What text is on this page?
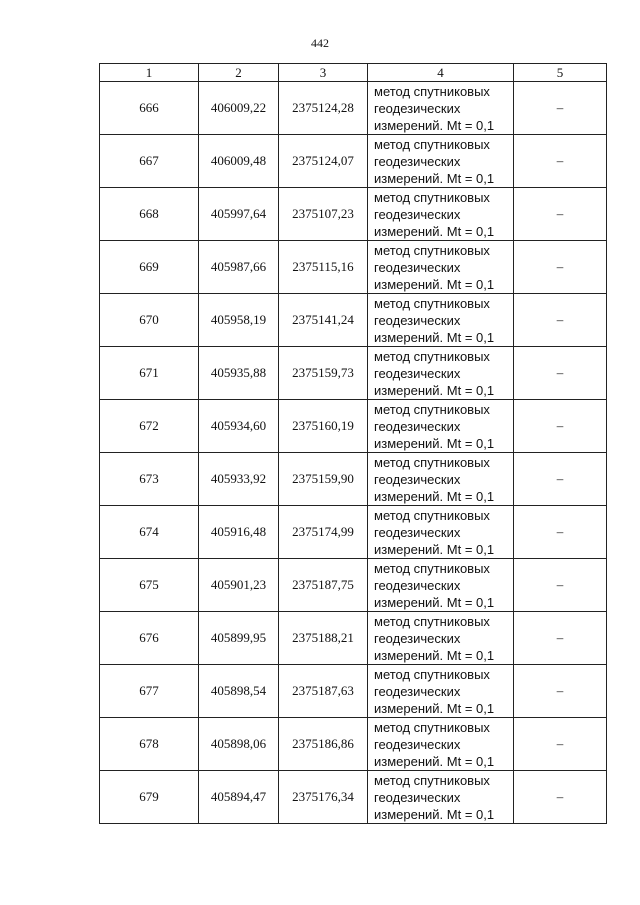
442
1	2	3	4	5
666	406009,22	2375124,28	метод спутниковых
геодезических
измерений. Mt = 0,1	–
667	406009,48	2375124,07	метод спутниковых
геодезических
измерений. Mt = 0,1	–
668	405997,64	2375107,23	метод спутниковых
геодезических
измерений. Mt = 0,1	–
669	405987,66	2375115,16	метод спутниковых
геодезических
измерений. Mt = 0,1	–
670	405958,19	2375141,24	метод спутниковых
геодезических
измерений. Mt = 0,1	–
671	405935,88	2375159,73	метод спутниковых
геодезических
измерений. Mt = 0,1	–
672	405934,60	2375160,19	метод спутниковых
геодезических
измерений. Mt = 0,1	–
673	405933,92	2375159,90	метод спутниковых
геодезических
измерений. Mt = 0,1	–
674	405916,48	2375174,99	метод спутниковых
геодезических
измерений. Mt = 0,1	–
675	405901,23	2375187,75	метод спутниковых
геодезических
измерений. Mt = 0,1	–
676	405899,95	2375188,21	метод спутниковых
геодезических
измерений. Mt = 0,1	–
677	405898,54	2375187,63	метод спутниковых
геодезических
измерений. Mt = 0,1	–
678	405898,06	2375186,86	метод спутниковых
геодезических
измерений. Mt = 0,1	–
679	405894,47	2375176,34	метод спутниковых
геодезических
измерений. Mt = 0,1	–
